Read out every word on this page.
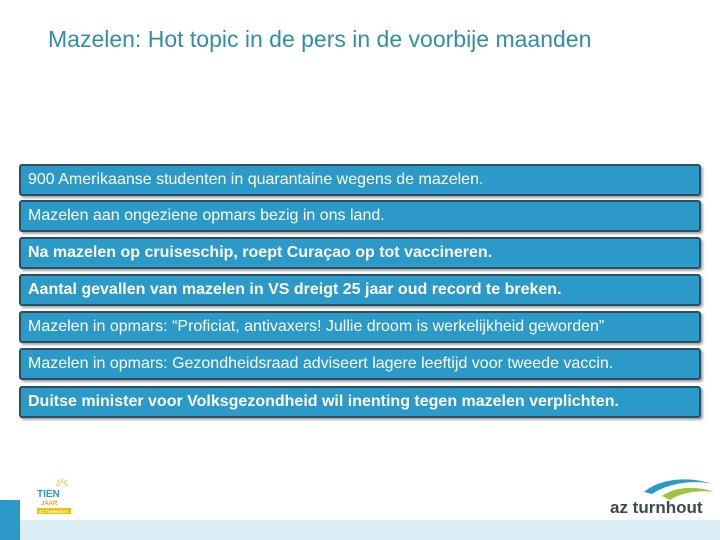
Mazelen: Hot topic in de pers in de voorbije maanden
900 Amerikaanse studenten in quarantaine wegens de mazelen.
Mazelen aan ongeziene opmars bezig in ons land.
Na mazelen op cruiseschip, roept Curaçao op tot vaccineren.
Aantal gevallen van mazelen in VS dreigt 25 jaar oud record te breken.
Mazelen in opmars: “Proficiat, antivaxers! Jullie droom is werkelijkheid geworden”
Mazelen in opmars: Gezondheidsraad adviseert lagere leeftijd voor tweede vaccin.
Duitse minister voor Volksgezondheid wil inenting tegen mazelen verplichten.
TIEN
JAAR
AZ TURNHOUT	az turnhout
